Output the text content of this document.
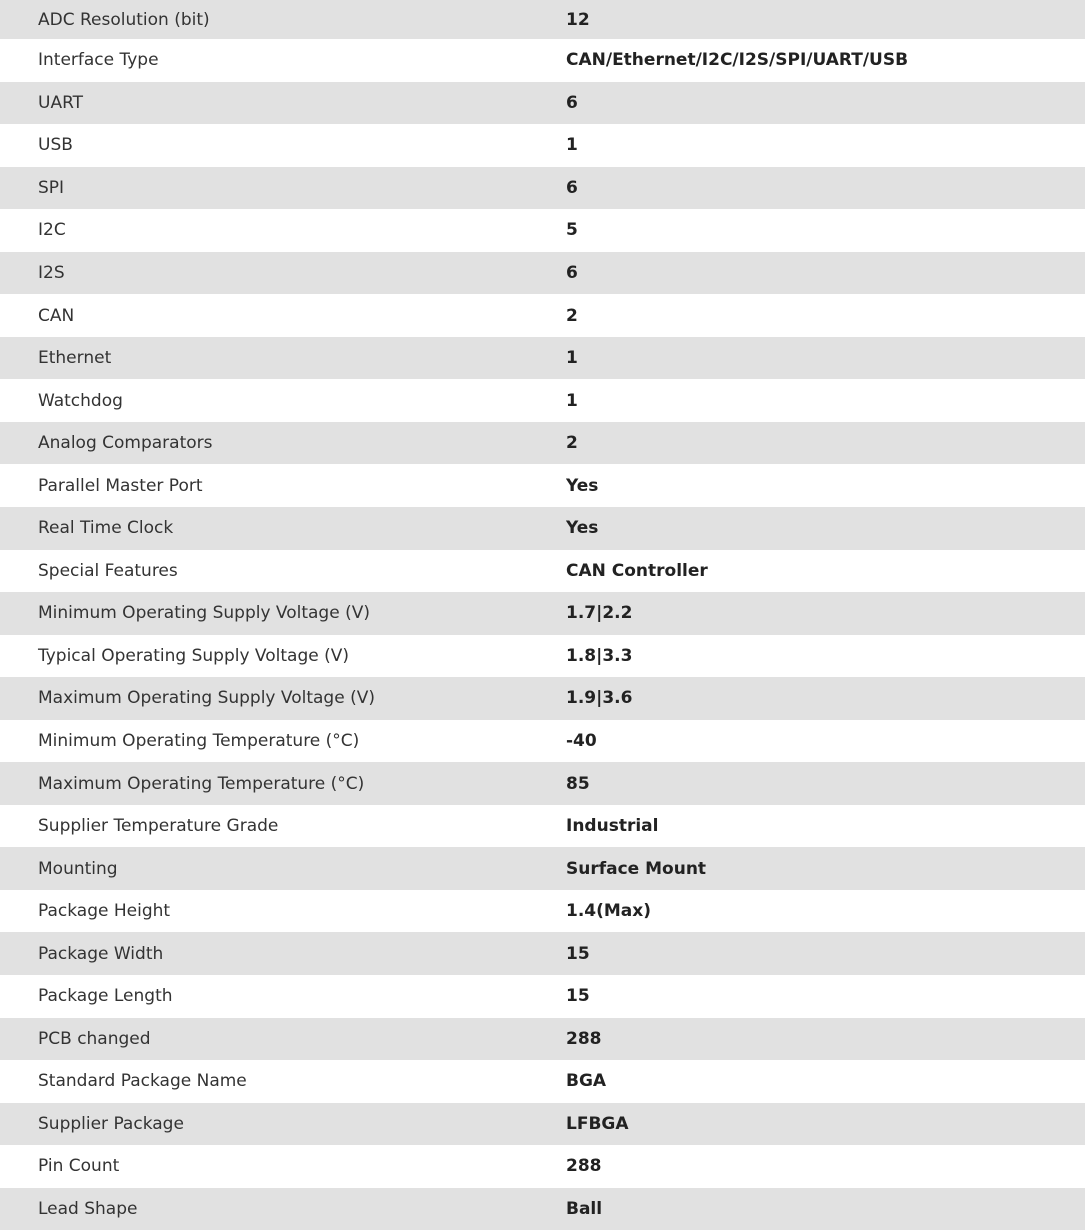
ADC Resolution (bit)	12
Interface Type	CAN/Ethernet/I2C/I2S/SPI/UART/USB
UART	6
USB	1
SPI	6
I2C	5
I2S	6
CAN	2
Ethernet	1
Watchdog	1
Analog Comparators	2
Parallel Master Port	Yes
Real Time Clock	Yes
Special Features	CAN Controller
Minimum Operating Supply Voltage (V)	1.7|2.2
Typical Operating Supply Voltage (V)	1.8|3.3
Maximum Operating Supply Voltage (V)	1.9|3.6
Minimum Operating Temperature (°C)	-40
Maximum Operating Temperature (°C)	85
Supplier Temperature Grade	Industrial
Mounting	Surface Mount
Package Height	1.4(Max)
Package Width	15
Package Length	15
PCB changed	288
Standard Package Name	BGA
Supplier Package	LFBGA
Pin Count	288
Lead Shape	Ball
